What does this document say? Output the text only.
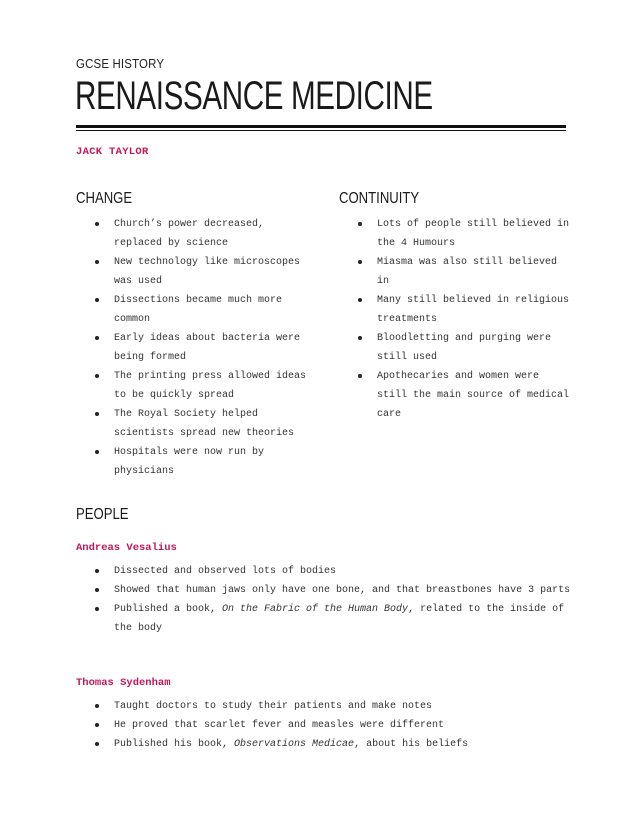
GCSE HISTORY
RENAISSANCE MEDICINE
JACK TAYLOR
CHANGE
Church’s power decreased, replaced by science
New technology like microscopes was used
Dissections became much more common
Early ideas about bacteria were being formed
The printing press allowed ideas to be quickly spread
The Royal Society helped scientists spread new theories
Hospitals were now run by physicians
CONTINUITY
Lots of people still believed in the 4 Humours
Miasma was also still believed in
Many still believed in religious treatments
Bloodletting and purging were still used
Apothecaries and women were still the main source of medical care
PEOPLE
Andreas Vesalius
Dissected and observed lots of bodies
Showed that human jaws only have one bone, and that breastbones have 3 parts
Published a book, On the Fabric of the Human Body, related to the inside of the body
Thomas Sydenham
Taught doctors to study their patients and make notes
He proved that scarlet fever and measles were different
Published his book, Observations Medicae, about his beliefs
